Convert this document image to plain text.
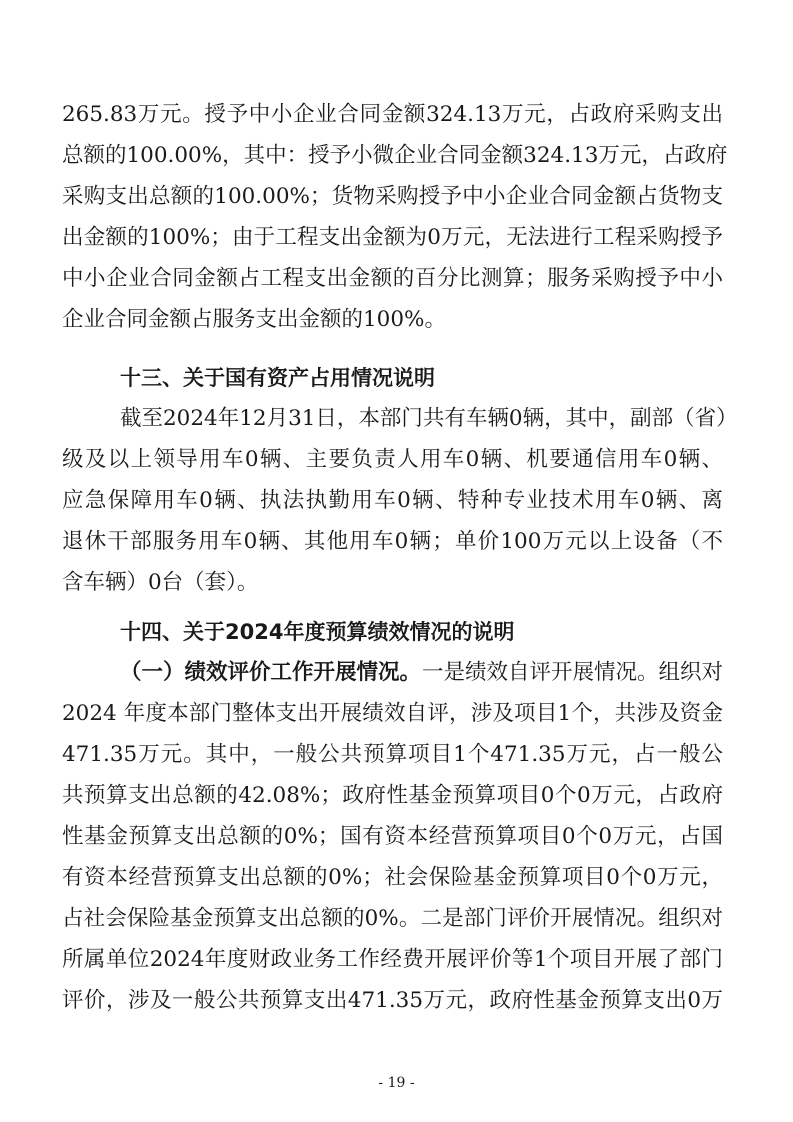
265.83万元。授予中小企业合同金额324.13万元，占政府采购支出
总额的100.00%，其中：授予小微企业合同金额324.13万元，占政府
采购支出总额的100.00%；货物采购授予中小企业合同金额占货物支
出金额的100%；由于工程支出金额为0万元，无法进行工程采购授予
中小企业合同金额占工程支出金额的百分比测算；服务采购授予中小
企业合同金额占服务支出金额的100%。
十三、关于国有资产占用情况说明
截至2024年12月31日，本部门共有车辆0辆，其中，副部（省）
级及以上领导用车0辆、主要负责人用车0辆、机要通信用车0辆、
应急保障用车0辆、执法执勤用车0辆、特种专业技术用车0辆、离
退休干部服务用车0辆、其他用车0辆；单价100万元以上设备（不
含车辆）0台（套）。
十四、关于2024年度预算绩效情况的说明
（一）绩效评价工作开展情况。 一是绩效自评开展情况。组织对
2024 年度本部门整体支出开展绩效自评，涉及项目1个，共涉及资金
471.35万元。其中，一般公共预算项目1个471.35万元，占一般公
共预算支出总额的42.08%；政府性基金预算项目0个0万元，占政府
性基金预算支出总额的0%；国有资本经营预算项目0个0万元，占国
有资本经营预算支出总额的0%；社会保险基金预算项目0个0万元，
占社会保险基金预算支出总额的0%。二是部门评价开展情况。组织对
所属单位2024年度财政业务工作经费开展评价等1个项目开展了部门
评价，涉及一般公共预算支出471.35万元，政府性基金预算支出0万
- 19 -
